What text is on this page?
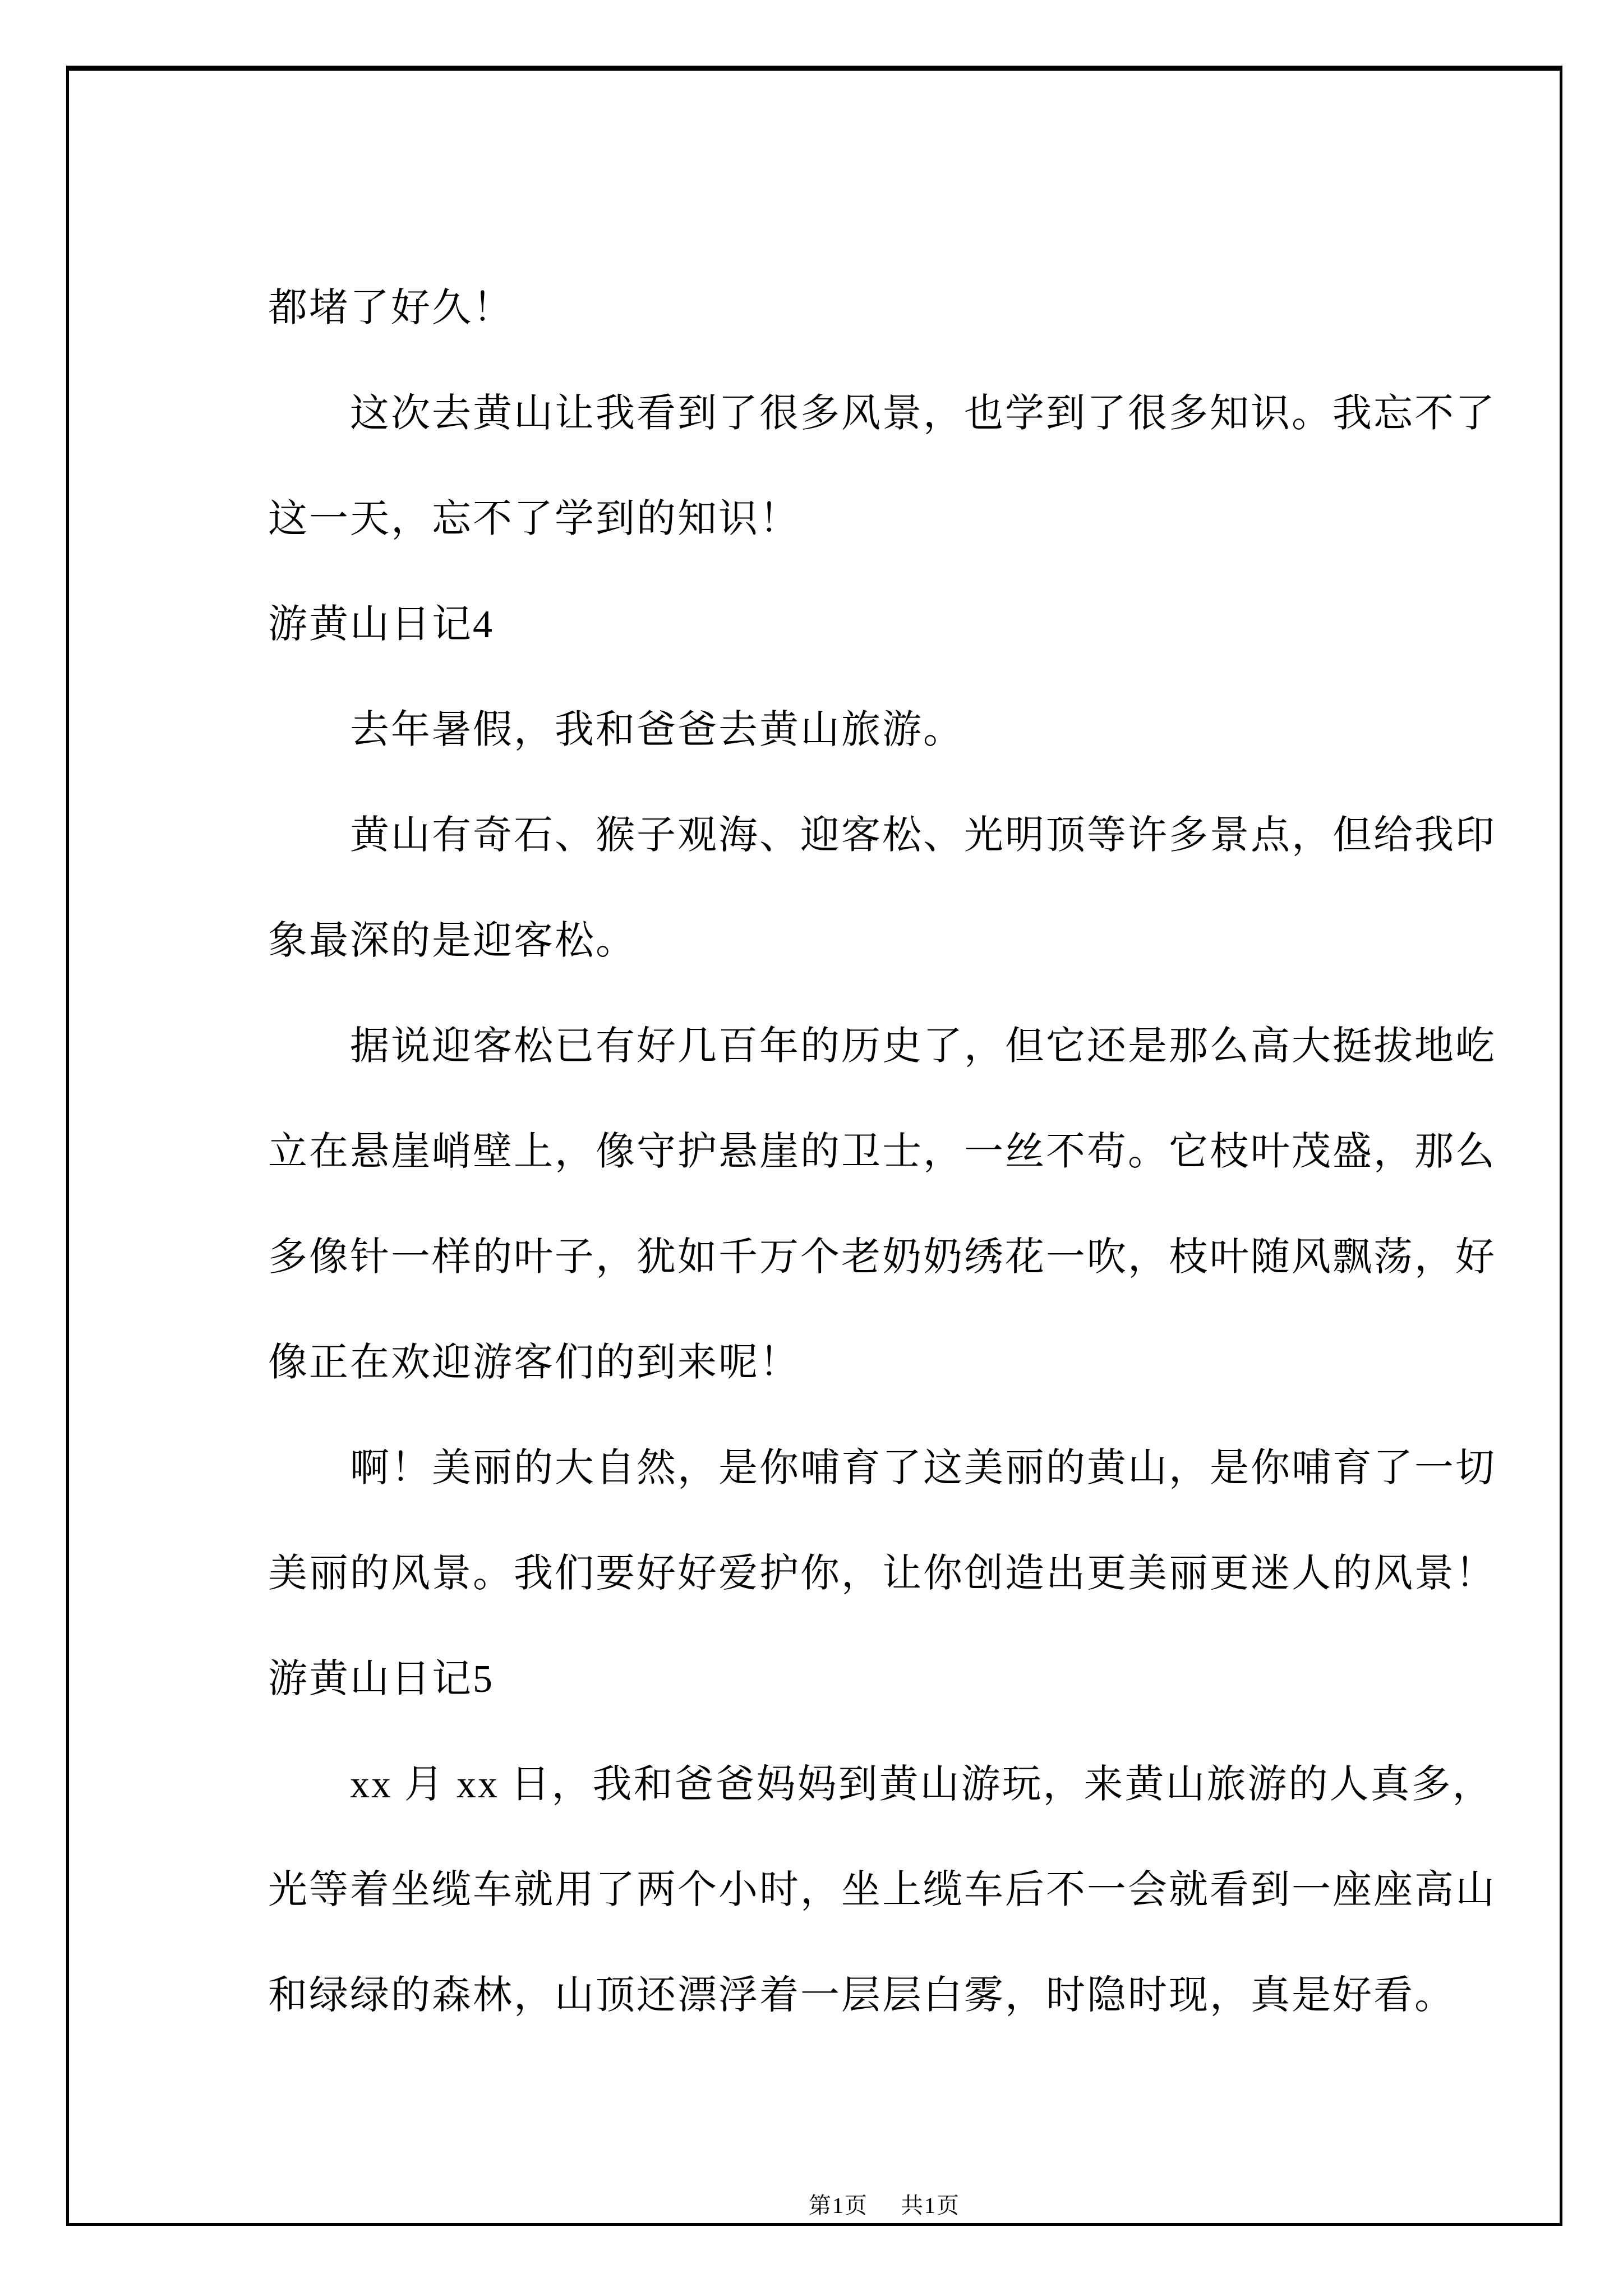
都堵了好久！
这次去黄山让我看到了很多风景，也学到了很多知识。我忘不了
这一天，忘不了学到的知识！
游黄山日记4
去年暑假，我和爸爸去黄山旅游。
黄山有奇石、猴子观海、迎客松、光明顶等许多景点，但给我印
象最深的是迎客松。
据说迎客松已有好几百年的历史了，但它还是那么高大挺拔地屹
立在悬崖峭壁上，像守护悬崖的卫士，一丝不苟。它枝叶茂盛，那么
多像针一样的叶子，犹如千万个老奶奶绣花一吹，枝叶随风飘荡，好
像正在欢迎游客们的到来呢！
啊！美丽的大自然，是你哺育了这美丽的黄山，是你哺育了一切
美丽的风景。我们要好好爱护你，让你创造出更美丽更迷人的风景！
游黄山日记5
xx 月 xx 日，我和爸爸妈妈到黄山游玩，来黄山旅游的人真多，
光等着坐缆车就用了两个小时，坐上缆车后不一会就看到一座座高山
和绿绿的森林，山顶还漂浮着一层层白雾，时隐时现，真是好看。
第1页 共1页
